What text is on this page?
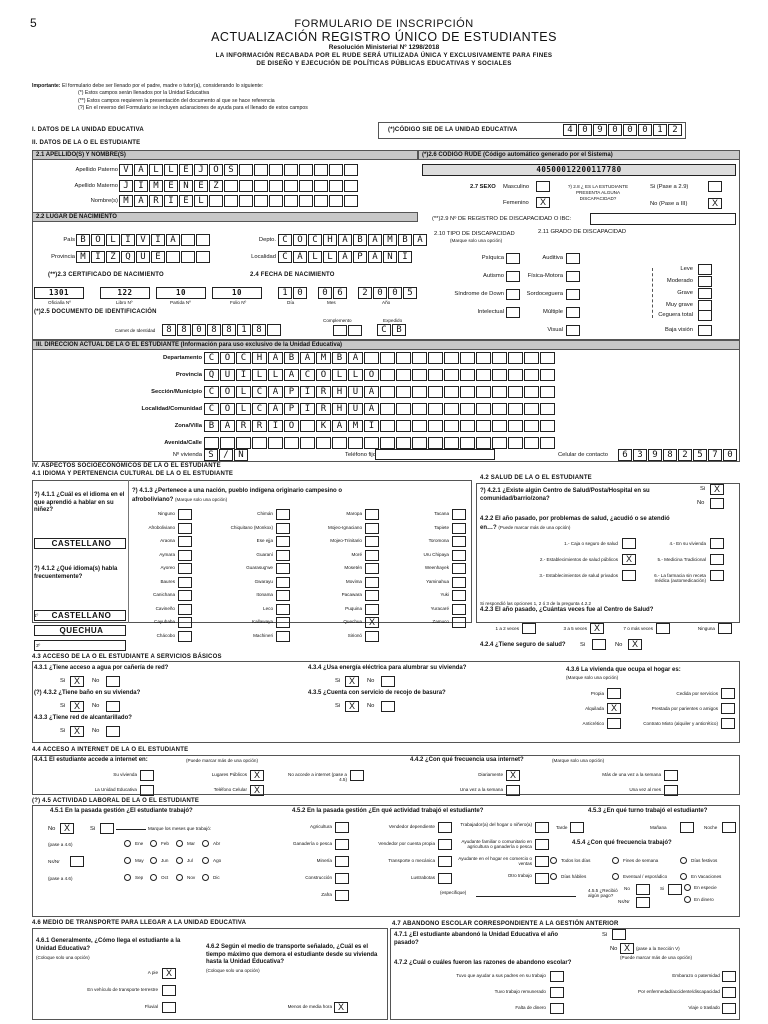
5	FORMULARIO DE INSCRIPCIÓN
ACTUALIZACIÓN REGISTRO ÚNICO DE ESTUDIANTES
Resolución Ministerial Nº 1298/2018
LA INFORMACIÓN RECABADA POR EL RUDE SERÁ UTILIZADA ÚNICA Y EXCLUSIVAMENTE PARA FINES
DE DISEÑO Y EJECUCIÓN DE POLÍTICAS PÚBLICAS EDUCATIVAS Y SOCIALES
Importante: El formulario debe ser llenado por el padre, madre o tutor(a), considerando lo siguiente:
(*) Estos campos serán llenados por la Unidad Educativa
(**) Estos campos requieren la presentación del documento al que se hace referencia
(?) En el reverso del Formulario se incluyen aclaraciones de ayuda para el llenado de estos campos
I. DATOS DE LA UNIDAD EDUCATIVA	(*)CÓDIGO SIE DE LA UNIDAD EDUCATIVA	4	0	9	0	0	0	1	2
II. DATOS DE LA O EL ESTUDIANTE
2.1 APELLIDO(S) Y NOMBRE(S)	(*)2.6 CÓDIGO RUDE (Código automático generado por el Sistema)
Apellido Paterno V	A	L	L	E	J	O	S
Apellido Materno J	I	M	E	N	E	Z
Nombre(s) M	A	R	I	E	L
40500012200117780
2.7 SEXO Masculino
Femenino	X
?) 2.8 ¿ ES LA ESTUDIANTE PRESENTA ALGUNA DISCAPACIDAD?
Si (Pase a 2.9)
No (Pase a III)	X
2.2 LUGAR DE NACIMIENTO	(**)2.9 Nº DE REGISTRO DE DISCAPACIDAD O IBC:
País B	O	L	I	V	I	A	Depto. C	O	C	H	A	B	A	M	B	A
Provincia M	I	Z	Q	U	E	Localidad C	A	L	L	A	P	A	N	I
(**)2.3 CERTIFICADO DE NACIMIENTO	2.4 FECHA DE NACIMIENTO
1301	122	10	10
Oficialía Nº	Libro Nº	Partida Nº	Folio Nº
1	0	0	6	2	0	0	5
Día	Mes	Año
(*)2.5 DOCUMENTO DE IDENTIFICACIÓN
Carnet de Identidad	8	8	0	8	8	1	8
Complemento	Expedido
C	B
2.10 TIPO DE DISCAPACIDAD
(Marque solo una opción)
2.11 GRADO DE DISCAPACIDAD
Psíquica
Autismo
Síndrome de Down
Intelectual
Auditiva
Física-Motora
Sordoceguera
Múltiple
Visual
Leve
Moderado
Grave
Muy grave
Ceguera total
Baja visión
III. DIRECCIÓN ACTUAL DE LA O EL ESTUDIANTE (Información para uso exclusivo de la Unidad Educativa)
Departamento C	O	C	H	A	B	A	M	B	A
Provincia Q	U	I	L	L	A	C	O	L	L	O
Sección/Municipio C	O	L	C	A	P	I	R	H	U	A
Localidad/Comunidad C	O	L	C	A	P	I	R	H	U	A
Zona/Villa B	A	R	R	I	O	K	A	M	I
Avenida/Calle
Nº vivienda S	/	N	Teléfono fijo	Celular de contacto	6	3	9	8	2	5	7	0
IV. ASPECTOS SOCIOECONÓMICOS DE LA O EL ESTUDIANTE
4.1 IDIOMA Y PERTENENCIA CULTURAL DE LA O EL ESTUDIANTE
4.2 SALUD DE LA O EL ESTUDIANTE
?) 4.1.1 ¿Cuál es el idioma en el que aprendió a hablar en su niñez?
CASTELLANO
?) 4.1.2 ¿Qué idioma(s) habla frecuentemente?
1º	CASTELLANO
QUECHUA
3º
?) 4.1.3 ¿Pertenece a una nación, pueblo indígena originario campesino o afroboliviano? (Marque solo una opción)
Ninguno	Chimán	Maropa	Tacana
Afroboliviano	Chiquitano (Monkox)	Mojeo-Ignaciano	Tapiete
Araona	Ese ejja	Mojeo-Trinitario	Toromona
Aymara	Guaraní	Moré	Uru Chipaya
Ayoreo	Guarasug'we	Mosetén	Weenhayek
Baures	Gwarayu	Movima	Yaminahua
Canichana	Itonama	Pacawara	Yuki
Cavineño	Leco	Puquina	Yuracaré
Cayubaba	Kallawaya	Quechua X	Zamuco
Chácobo	Machineri	Sirionó
?) 4.2.1 ¿Existe algún Centro de Salud/Posta/Hospital en su comunidad/barrio/zona?
Si X
No
4.2.2 El año pasado, por problemas de salud, ¿acudió o se atendió en…? (Puede marcar más de una opción)
1.- Caja o seguro de salud
2.- Establecimientos de salud públicos X
3.- Establecimientos de salud privados
4.- En su vivienda
5.- Medicina Tradicional
6.- La farmacia sin receta médica (automedicación)
Si respondió las opciones 1, 2 ó 3 de la pregunta 4.2.2
4.2.3 El año pasado, ¿Cuántas veces fue al Centro de Salud?
1 a 2 veces	3 a 5 veces X	7 o más veces	Ninguna
4.2.4 ¿Tiene seguro de salud? Si	No	X
4.3 ACCESO DE LA O EL ESTUDIANTE A SERVICIOS BÁSICOS
4.3.1 ¿Tiene acceso a agua por cañería de red?
Si X	No
(?) 4.3.2 ¿Tiene baño en su vivienda?
Si X	No
4.3.3 ¿Tiene red de alcantarillado?
Si X	No
4.3.4 ¿Usa energía eléctrica para alumbrar su vivienda?
Si X	No
4.3.5 ¿Cuenta con servicio de recojo de basura?
Si X	No
4.3.6 La vivienda que ocupa el hogar es:
(Marque solo una opción)
Propia
Alquilada X
Anticrético
Cedida por servicios
Prestada por parientes o amigos
Contrato Mixto (alquiler y anticrético)
4.4 ACCESO A INTERNET DE LA O EL ESTUDIANTE
4.4.1 El estudiante accede a internet en:	(Puede marcar más de una opción)
Su vivienda	Lugares Públicos X	No accede a internet (pase a 4.5)
La Unidad Educativa	Teléfono Celular X
4.4.2 ¿Con qué frecuencia usa internet?	(Marque solo una opción)
Diariamente X	Más de una vez a la semana
Una vez a la semana	Una vez al mes
(?) 4.5 ACTIVIDAD LABORAL DE LA O EL ESTUDIANTE
4.5.1 En la pasada gestión ¿El estudiante trabajó?
No X	Si	Marque los meses que trabajó:
(pase a 4.6)
Ns/Nr
(pase a 4.6)
Ene	Feb	Mar	Abr
May	Jun	Jul	Ago
Sep	Oct	Nov	Dic
4.5.2 En la pasada gestión ¿En qué actividad trabajó el estudiante?
Agricultura
Ganadería o pesca
Minería
Construcción
Zafra
Vendedor dependiente
Vendedor por cuenta propia
Transporte o mecánica
Lustrabotas
Trabajador(a) del hogar o niñero(a)
Ayudante familiar o comunitario en agricultura o ganadería o pesca
Ayudante en el hogar en comercio o ventas
Otro trabajo
(especifique)
4.5.3 ¿En qué turno trabajó el estudiante?
Mañana	Noche
Tarde
4.5.4 ¿Con qué frecuencia trabajó?
Todos los días	Fines de semana	Días festivos
Días hábiles	Eventual / esporádico	En Vacaciones
4.5.5 ¿Recibió algún pago?
No	Si	En especie
En dinero
Ns/Nr
4.6 MEDIO DE TRANSPORTE PARA LLEGAR A LA UNIDAD EDUCATIVA	4.7 ABANDONO ESCOLAR CORRESPONDIENTE A LA GESTIÓN ANTERIOR
4.6.1 Generalmente, ¿Cómo llega el estudiante a la Unidad Educativa?
(Coloque solo una opción)
A pie X
En vehículo de transporte terrestre
Fluvial
4.6.2 Según el medio de transporte señalado, ¿Cuál es el tiempo máximo que demora el estudiante desde su vivienda hasta la Unidad Educativa?
(Coloque solo una opción)
Menos de media hora X
4.7.1 ¿El estudiante abandonó la Unidad Educativa el año pasado?
Si
No X	(pase a la Sección V)
(Puede marcar más de una opción)
4.7.2 ¿Cuál o cuáles fueron las razones de abandono escolar?
Tuvo que ayudar a sus padres en su trabajo
Tuvo trabajo remunerado
Falta de dinero
Embarazo o paternidad
Por enfermedad/accidente/discapacidad
Viaje o traslado
